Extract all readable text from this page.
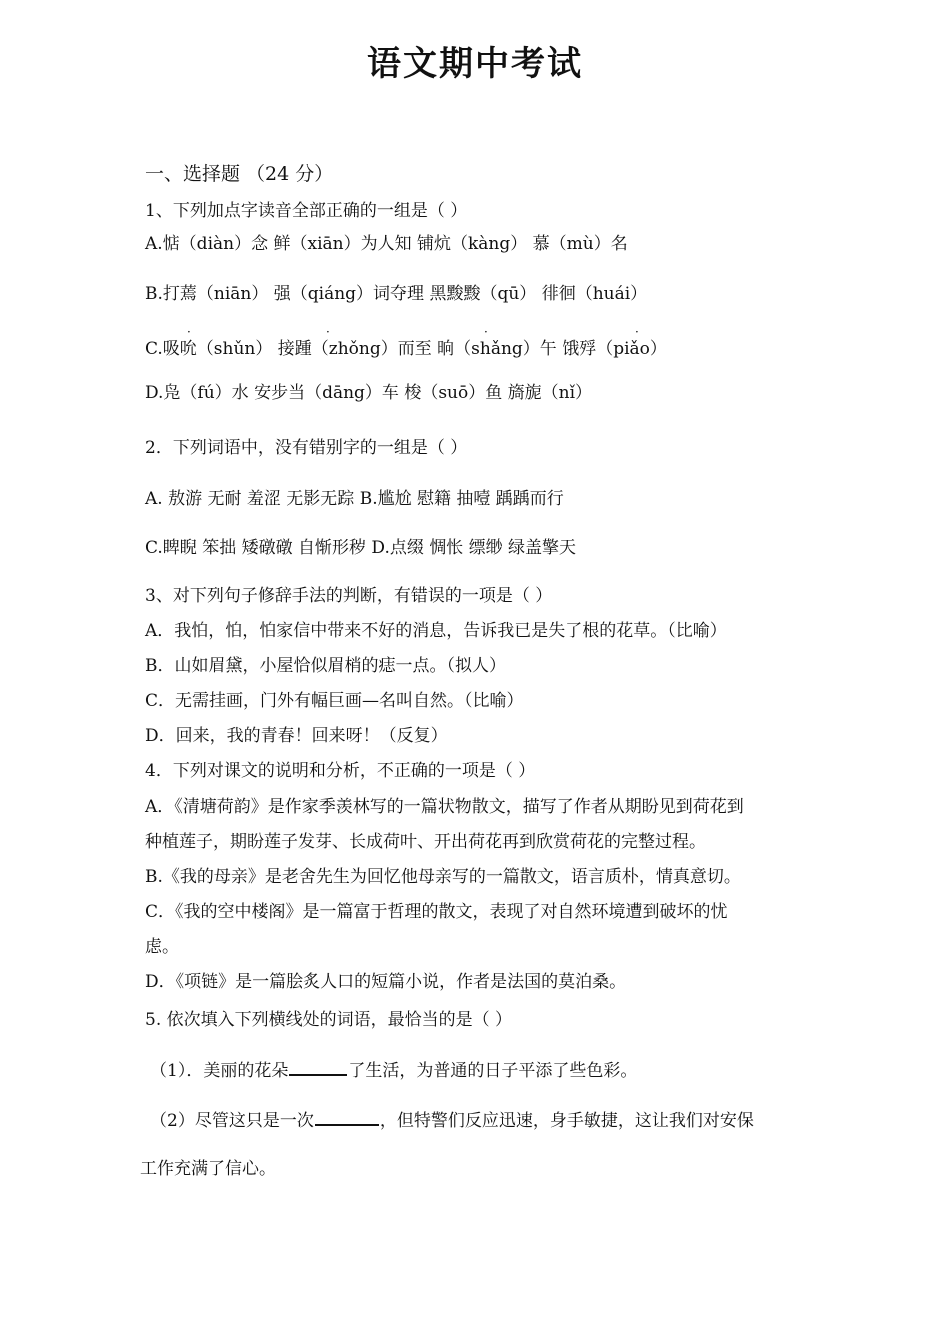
语文期中考试
一、选择题 （24 分）
1、下列加点字读音全部正确的一组是（ ）
A.惦（diàn）念 鲜（xiān）为人知 铺炕（kàng） 慕（mù）名
B.打蔫（niān） 强（qiáng）词夺理 黑黢黢（qū） 徘徊（huái）
·	·	·	·
C.吸吮（shǔn） 接踵（zhǒng）而至 晌（shǎng）午 饿殍（piǎo）
D.凫（fú）水 安步当（dāng）车 梭（suō）鱼 旖旎（nǐ）
2．下列词语中，没有错别字的一组是（ ）
A. 敖游 无耐 羞涩 无影无踪 B.尴尬 慰籍 抽噎 踽踽而行
C.睥睨 笨拙 矮礅礅 自惭形秽 D.点缀 惆怅 缥缈 绿盖擎天
3、对下列句子修辞手法的判断，有错误的一项是（ ）
A．我怕，怕，怕家信中带来不好的消息，告诉我已是失了根的花草。（比喻）
B．山如眉黛，小屋恰似眉梢的痣一点。（拟人）
C．无需挂画，门外有幅巨画—名叫自然。（比喻）
D．回来，我的青春！回来呀！（反复）
4．下列对课文的说明和分析，不正确的一项是（ ）
A．《清塘荷韵》是作家季羡林写的一篇状物散文，描写了作者从期盼见到荷花到
种植莲子，期盼莲子发芽、长成荷叶、开出荷花再到欣赏荷花的完整过程。
B.《我的母亲》是老舍先生为回忆他母亲写的一篇散文，语言质朴，情真意切。
C．《我的空中楼阁》是一篇富于哲理的散文，表现了对自然环境遭到破坏的忧
虑。
D．《项链》是一篇脍炙人口的短篇小说，作者是法国的莫泊桑。
5. 依次填入下列横线处的词语，最恰当的是（ ）
（1）．美丽的花朵	了生活，为普通的日子平添了些色彩。
（2）尽管这只是一次	，但特警们反应迅速，身手敏捷，这让我们对安保
工作充满了信心。
